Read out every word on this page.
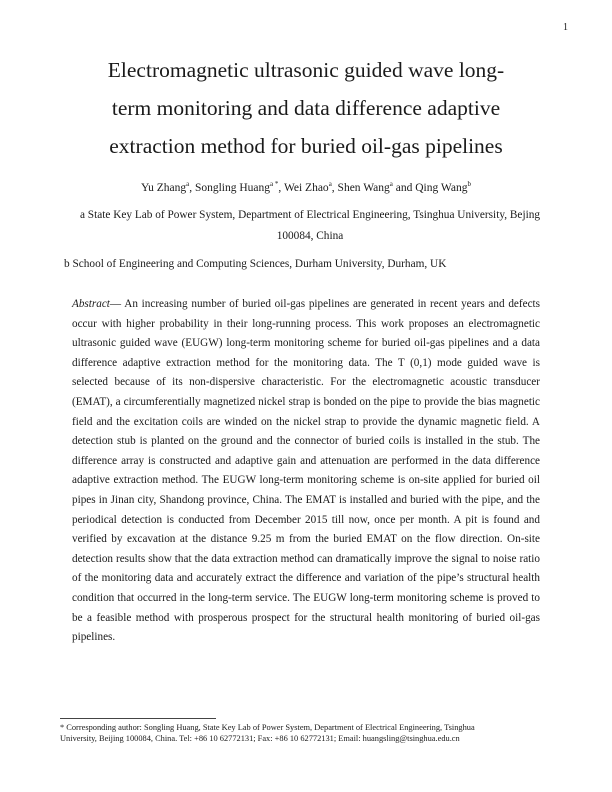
1
Electromagnetic ultrasonic guided wave long-
term monitoring and data difference adaptive
extraction method for buried oil-gas pipelines
Yu Zhang$^a$, Songling Huang$^{a *}$, Wei Zhao$^a$, Shen Wang$^a$ and Qing Wang$^b$
a State Key Lab of Power System, Department of Electrical Engineering, Tsinghua University, Bejing
100084, China
b School of Engineering and Computing Sciences, Durham University, Durham, UK

Abstract— An increasing number of buried oil-gas pipelines are generated in recent years and defects occur with higher probability in their long-running process. This work proposes an electromagnetic ultrasonic guided wave (EUGW) long-term monitoring scheme for buried oil-gas pipelines and a data difference adaptive extraction method for the monitoring data. The T (0,1) mode guided wave is selected because of its non-dispersive characteristic. For the electromagnetic acoustic transducer (EMAT), a circumferentially magnetized nickel strap is bonded on the pipe to provide the bias magnetic field and the excitation coils are winded on the nickel strap to provide the dynamic magnetic field. A detection stub is planted on the ground and the connector of buried coils is installed in the stub. The difference array is constructed and adaptive gain and attenuation are performed in the data difference adaptive extraction method. The EUGW long-term monitoring scheme is on-site applied for buried oil pipes in Jinan city, Shandong province, China. The EMAT is installed and buried with the pipe, and the periodical detection is conducted from December 2015 till now, once per month. A pit is found and verified by excavation at the distance 9.25 m from the buried EMAT on the flow direction. On-site detection results show that the data extraction method can dramatically improve the signal to noise ratio of the monitoring data and accurately extract the difference and variation of the pipe’s structural health condition that occurred in the long-term service. The EUGW long-term monitoring scheme is proved to be a feasible method with prosperous prospect for the structural health monitoring of buried oil-gas pipelines.

* Corresponding author: Songling Huang, State Key Lab of Power System, Department of Electrical Engineering, Tsinghua
University, Beijing 100084, China. Tel: +86 10 62772131; Fax: +86 10 62772131; Email: huangsling@tsinghua.edu.cn
